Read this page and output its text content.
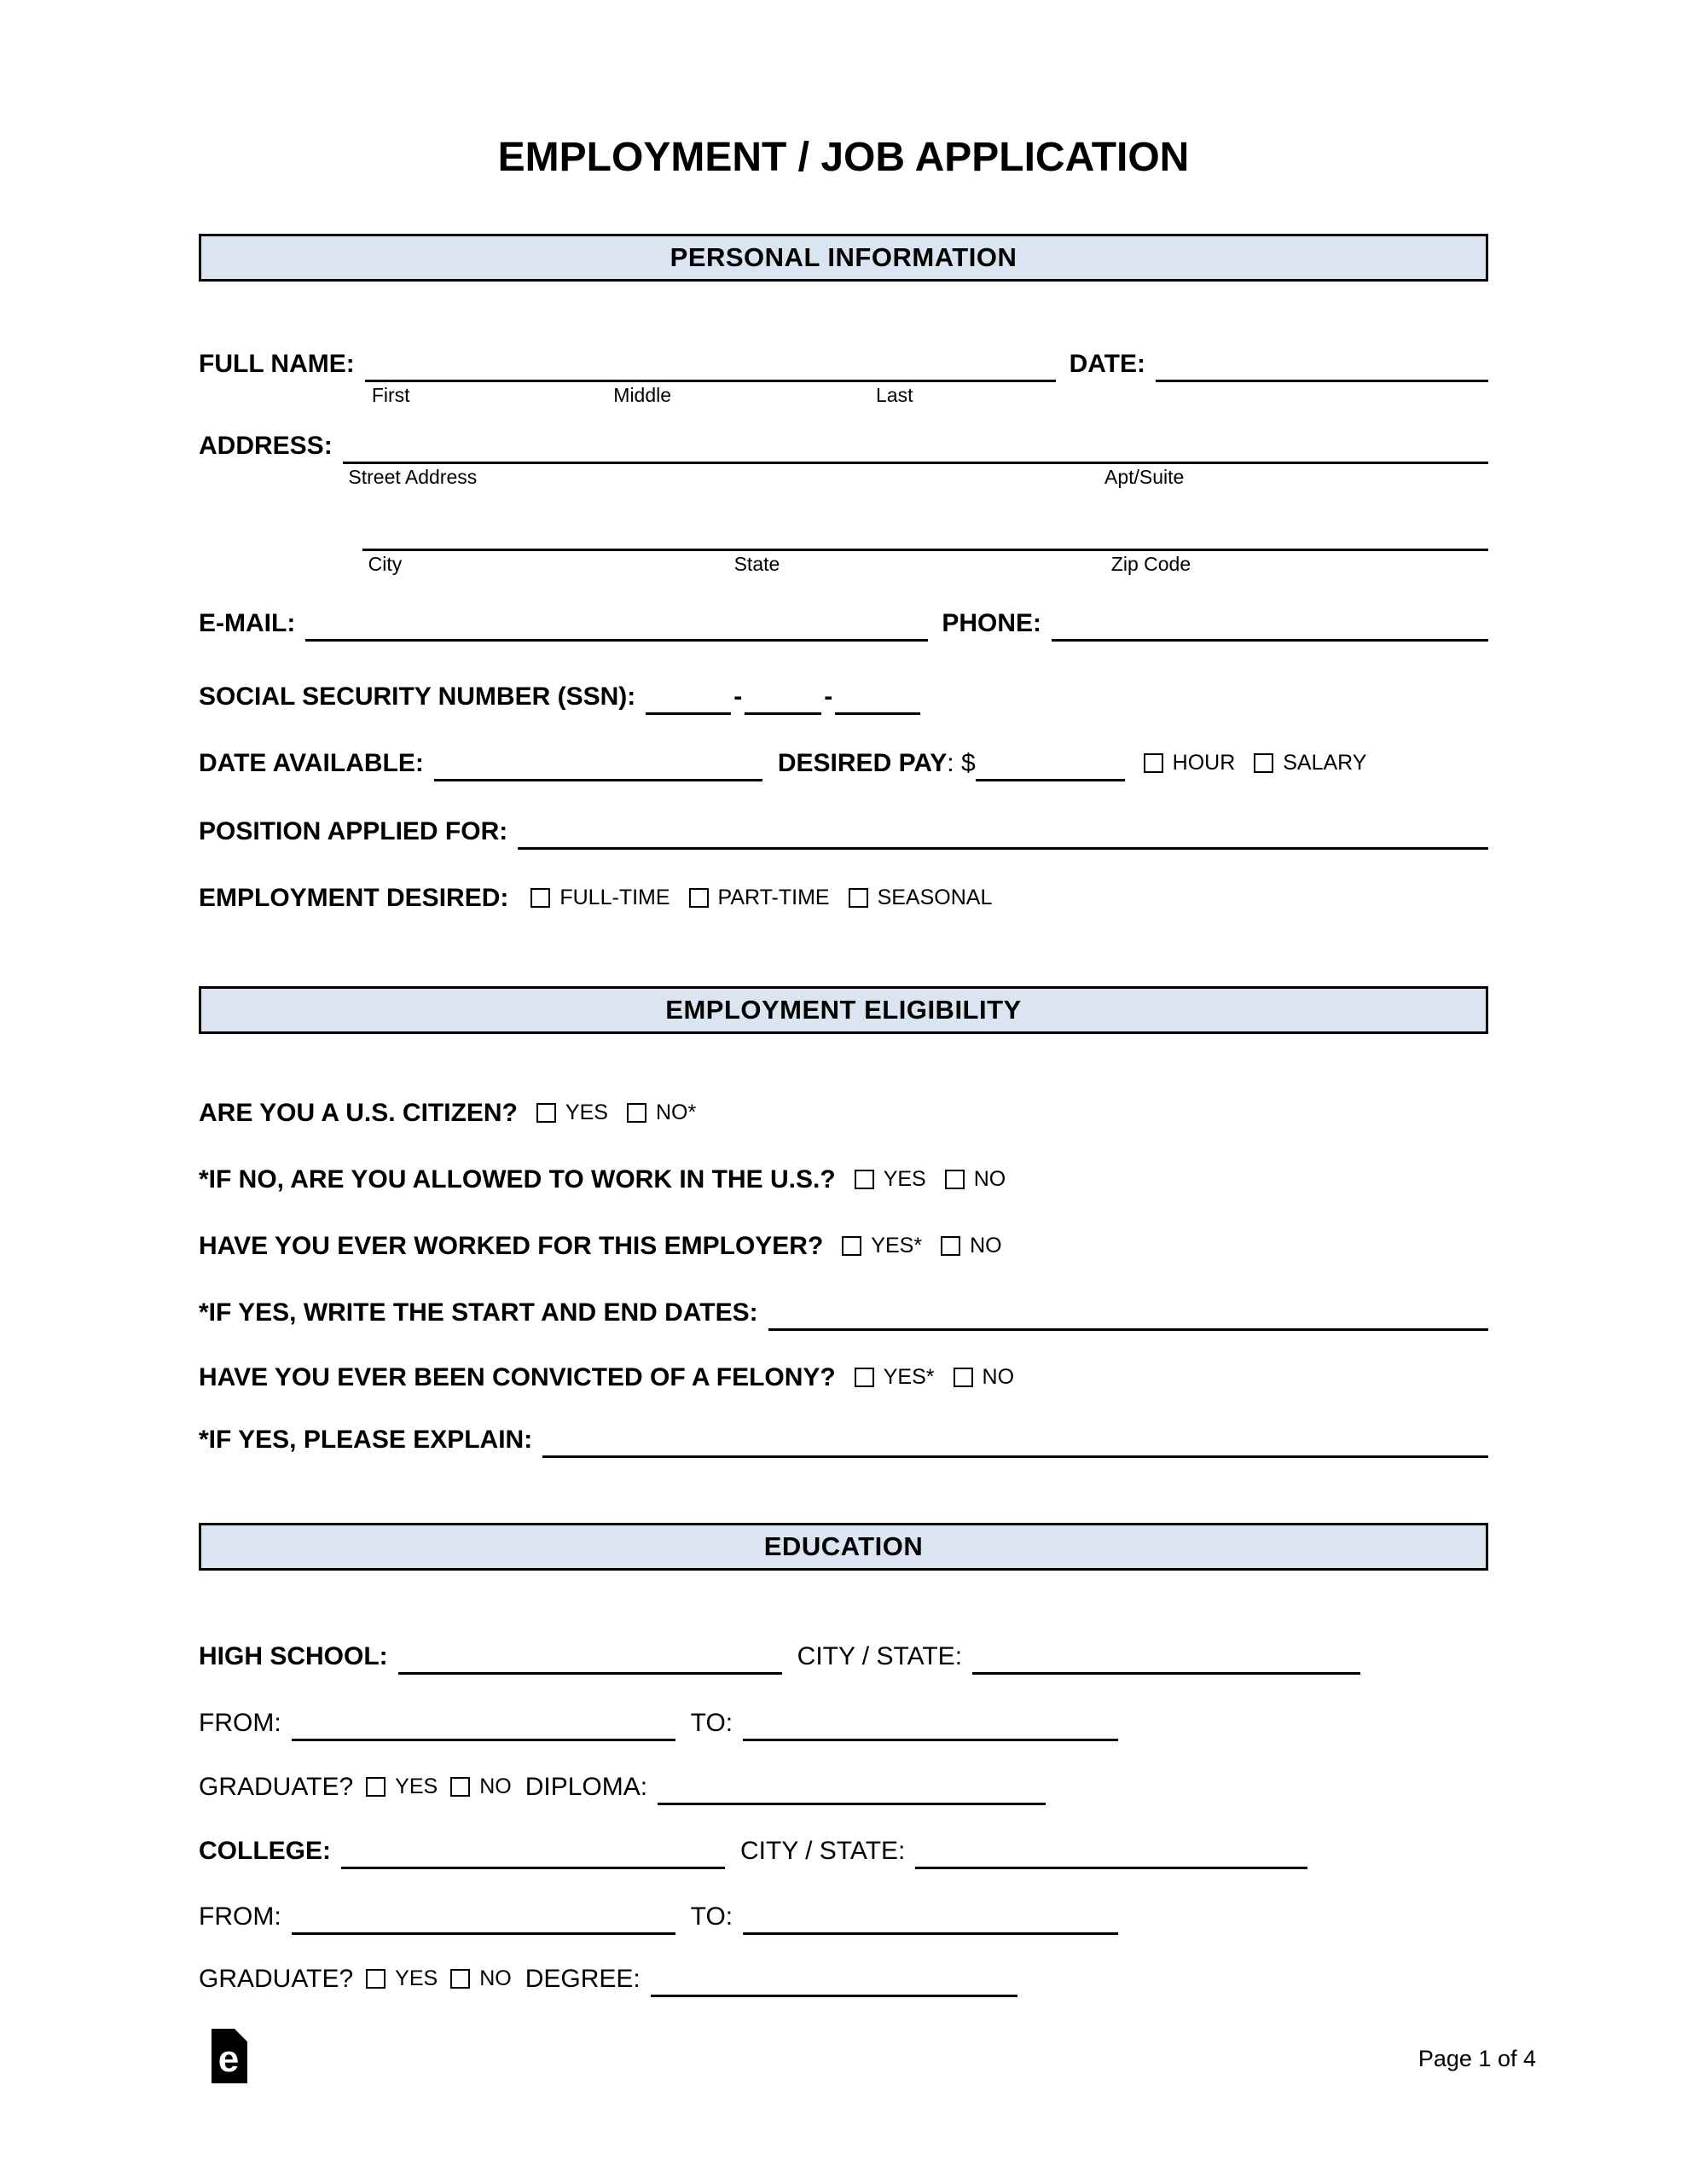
EMPLOYMENT / JOB APPLICATION
PERSONAL INFORMATION
FULL NAME:
First	Middle	Last
DATE:
ADDRESS:
Street Address	Apt/Suite
City	State	Zip Code
E-MAIL:	PHONE:
SOCIAL SECURITY NUMBER (SSN):	-	-
DATE AVAILABLE:	DESIRED PAY : $	HOUR SALARY
POSITION APPLIED FOR:
EMPLOYMENT DESIRED: FULL-TIME PART-TIME SEASONAL
EMPLOYMENT ELIGIBILITY
ARE YOU A U.S. CITIZEN? YES NO*
*IF NO, ARE YOU ALLOWED TO WORK IN THE U.S.? YES NO
HAVE YOU EVER WORKED FOR THIS EMPLOYER? YES* NO
*IF YES, WRITE THE START AND END DATES:
HAVE YOU EVER BEEN CONVICTED OF A FELONY? YES* NO
*IF YES, PLEASE EXPLAIN:
EDUCATION
HIGH SCHOOL:	CITY / STATE:
FROM:	TO:
GRADUATE? YES NO DIPLOMA:
COLLEGE:	CITY / STATE:
FROM:	TO:
GRADUATE? YES NO DEGREE:
e	Page 1 of 4
